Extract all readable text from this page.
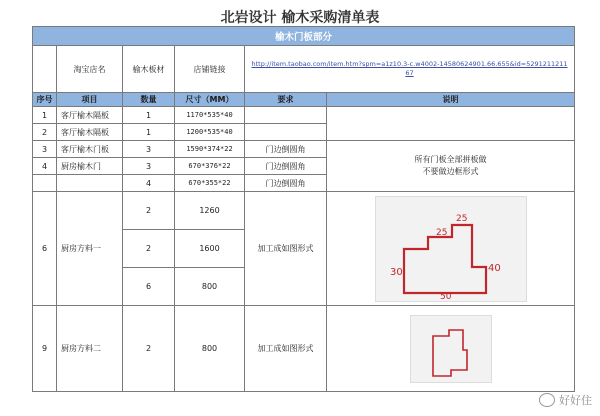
北岩设计 榆木采购清单表
榆木门板部分					
	淘宝店名	榆木板材	店铺链接	http://item.taobao.com/item.htm?spm=a1z10.3-c.w4002-14580624901.66.655&id=529121121167	

序号	项目	数量	尺寸（MM）	要求	说明
1	客厅榆木隔板	1	1170*535*40		
2	客厅榆木隔板	1	1200*535*40		
3	客厅榆木门板	3	1590*374*22	门边倒圆角	所有门板全部拼板做
不要做边框形式

4	厨房榆木门	3	670*376*22	门边倒圆角	
		4	670*355*22	门边倒圆角	
6	厨房方料一	2	1260	加工成如图形式	25
25
40
30
50

		2	1600		
		6	800		
9	厨房方料二	2	800	加工成如图形式	
好好住
